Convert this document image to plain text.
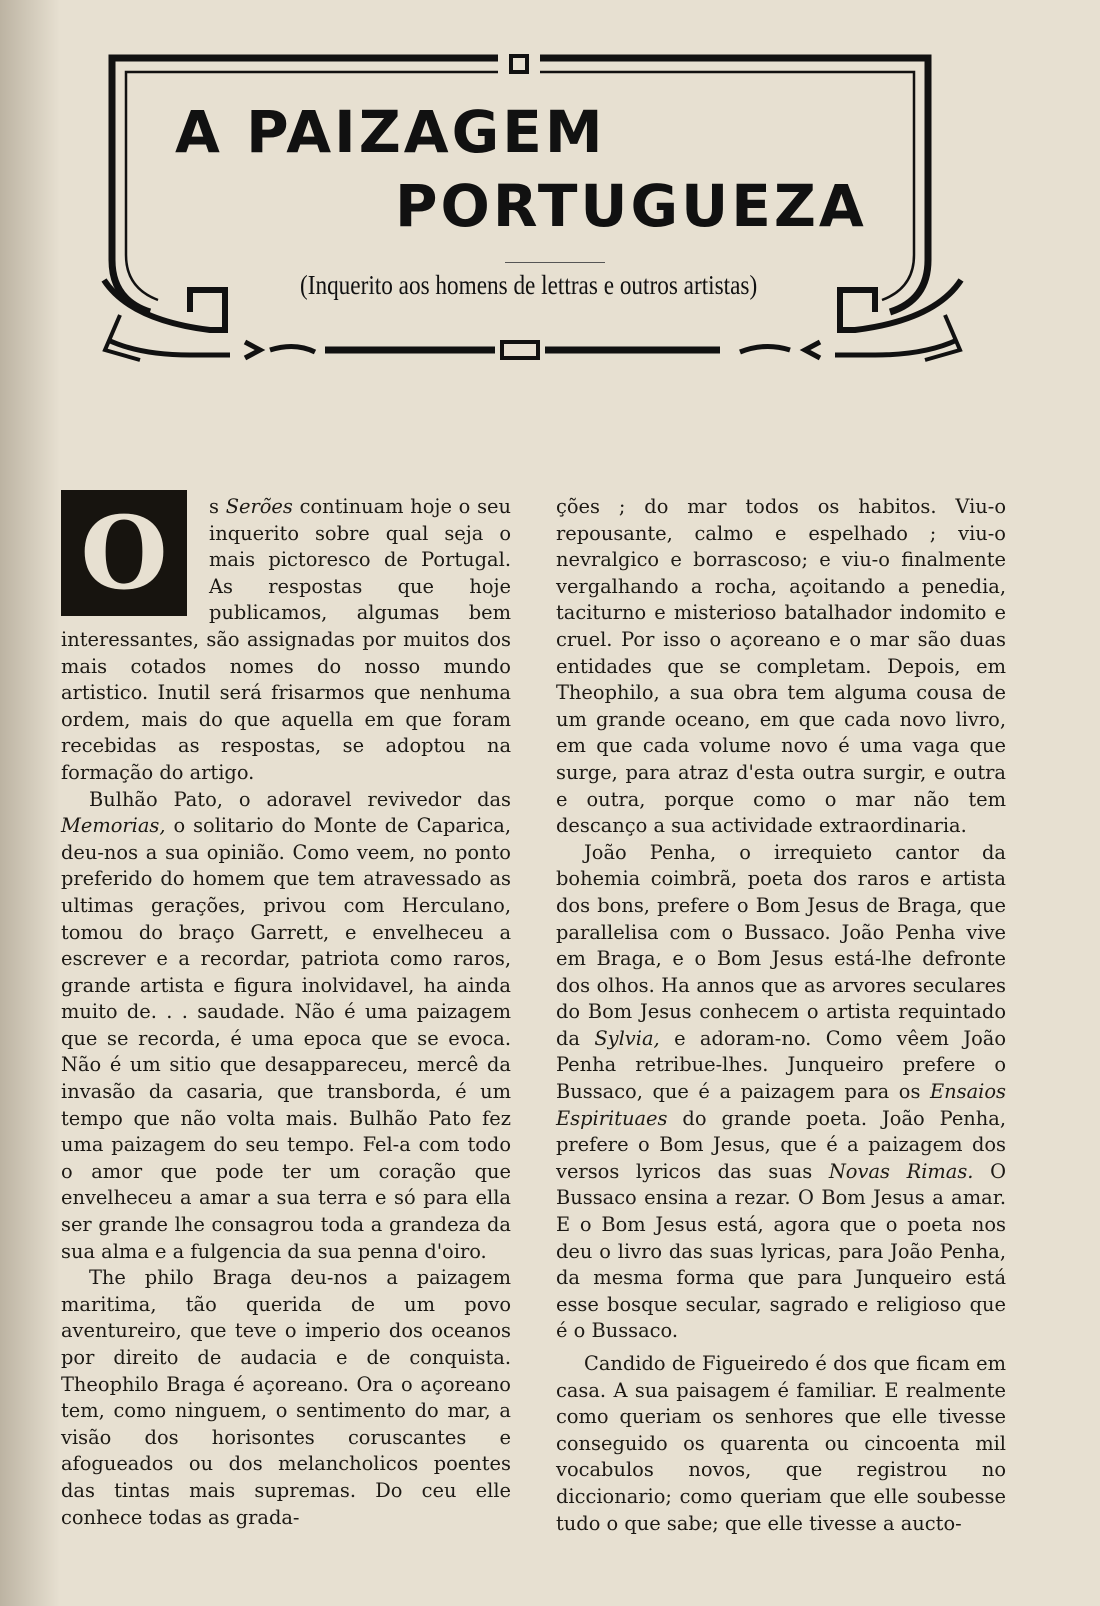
A PAIZAGEM
PORTUGUEZA
(Inquerito aos homens de lettras e outros artistas)
O	s Serões continuam hoje o seu inquerito sobre qual seja o mais pictoresco de Portugal. As respostas que hoje publicamos, algumas bem interessantes, são assignadas por muitos dos mais cotados nomes do nosso mundo artistico. Inutil será frisarmos que nenhuma ordem, mais do que aquella em que foram recebidas as respostas, se adoptou na formação do artigo.

Bulhão Pato, o adoravel revivedor das Memorias, o solitario do Monte de Caparica, deu-nos a sua opinião. Como veem, no ponto preferido do homem que tem atravessado as ultimas gerações, privou com Herculano, tomou do braço Garrett, e envelheceu a escrever e a recordar, patriota como raros, grande artista e figura inolvidavel, ha ainda muito de. . . saudade. Não é uma paizagem que se recorda, é uma epoca que se evoca. Não é um sitio que desappareceu, mercê da invasão da casaria, que transborda, é um tempo que não volta mais. Bulhão Pato fez uma paizagem do seu tempo. Fel-a com todo o amor que pode ter um coração que envelheceu a amar a sua terra e só para ella ser grande lhe consagrou toda a grandeza da sua alma e a fulgencia da sua penna d'oiro.

The philo Braga deu-nos a paizagem maritima, tão querida de um povo aventureiro, que teve o imperio dos oceanos por direito de audacia e de conquista. Theophilo Braga é açoreano. Ora o açoreano tem, como ninguem, o sentimento do mar, a visão dos horisontes coruscantes e afogueados ou dos melancholicos poentes das tintas mais supremas. Do ceu elle conhece todas as grada-

ções ; do mar todos os habitos. Viu-o repousante, calmo e espelhado ; viu-o nevralgico e borrascoso; e viu-o finalmente vergalhando a rocha, açoitando a penedia, taciturno e misterioso batalhador indomito e cruel. Por isso o açoreano e o mar são duas entidades que se completam. Depois, em Theophilo, a sua obra tem alguma cousa de um grande oceano, em que cada novo livro, em que cada volume novo é uma vaga que surge, para atraz d'esta outra surgir, e outra e outra, porque como o mar não tem descanço a sua actividade extraordinaria.

João Penha, o irrequieto cantor da bohemia coimbrã, poeta dos raros e artista dos bons, prefere o Bom Jesus de Braga, que parallelisa com o Bussaco. João Penha vive em Braga, e o Bom Jesus está-lhe defronte dos olhos. Ha annos que as arvores seculares do Bom Jesus conhecem o artista requintado da Sylvia, e adoram-no. Como vêem João Penha retribue-lhes. Junqueiro prefere o Bussaco, que é a paizagem para os Ensaios Espirituaes do grande poeta. João Penha, prefere o Bom Jesus, que é a paizagem dos versos lyricos das suas Novas Rimas. O Bussaco ensina a rezar. O Bom Jesus a amar. E o Bom Jesus está, agora que o poeta nos deu o livro das suas lyricas, para João Penha, da mesma forma que para Junqueiro está esse bosque secular, sagrado e religioso que é o Bussaco.

Candido de Figueiredo é dos que ficam em casa. A sua paisagem é familiar. E realmente como queriam os senhores que elle tivesse conseguido os quarenta ou cincoenta mil vocabulos novos, que registrou no diccionario; como queriam que elle soubesse tudo o que sabe; que elle tivesse a aucto-
